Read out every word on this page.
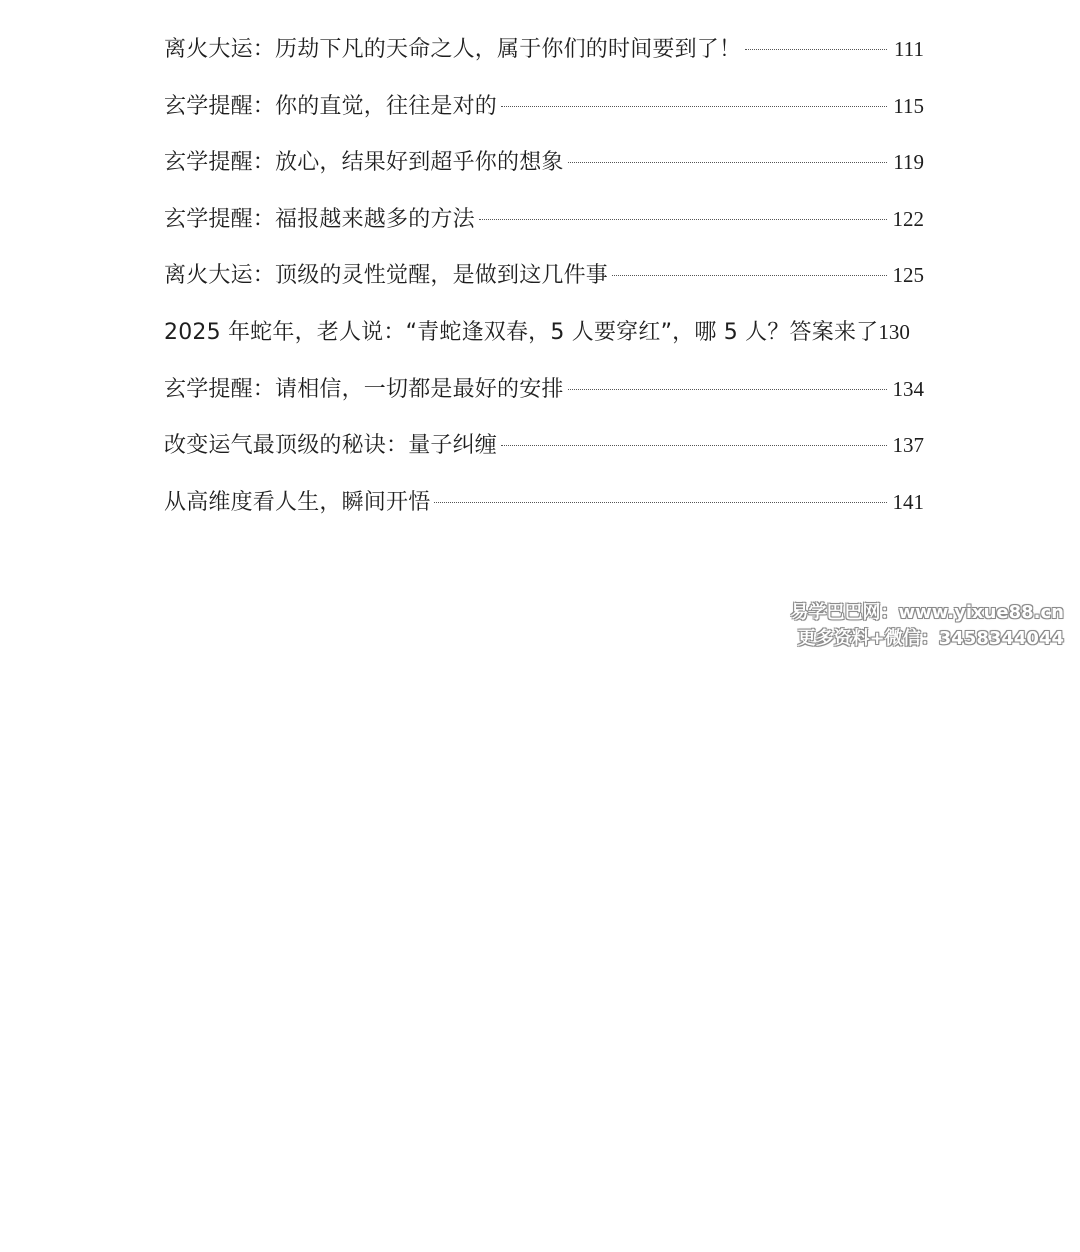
离火大运：历劫下凡的天命之人，属于你们的时间要到了！	111
玄学提醒：你的直觉，往往是对的	115
玄学提醒：放心，结果好到超乎你的想象	119
玄学提醒：福报越来越多的方法	122
离火大运：顶级的灵性觉醒，是做到这几件事	125
2025 年蛇年，老人说：“青蛇逢双春，5 人要穿红”，哪 5 人？答案来了 130
玄学提醒：请相信，一切都是最好的安排	134
改变运气最顶级的秘诀：量子纠缠	137
从高维度看人生，瞬间开悟	141
易学巴巴网：www.yixue88.cn
更多资料+微信：3458344044
